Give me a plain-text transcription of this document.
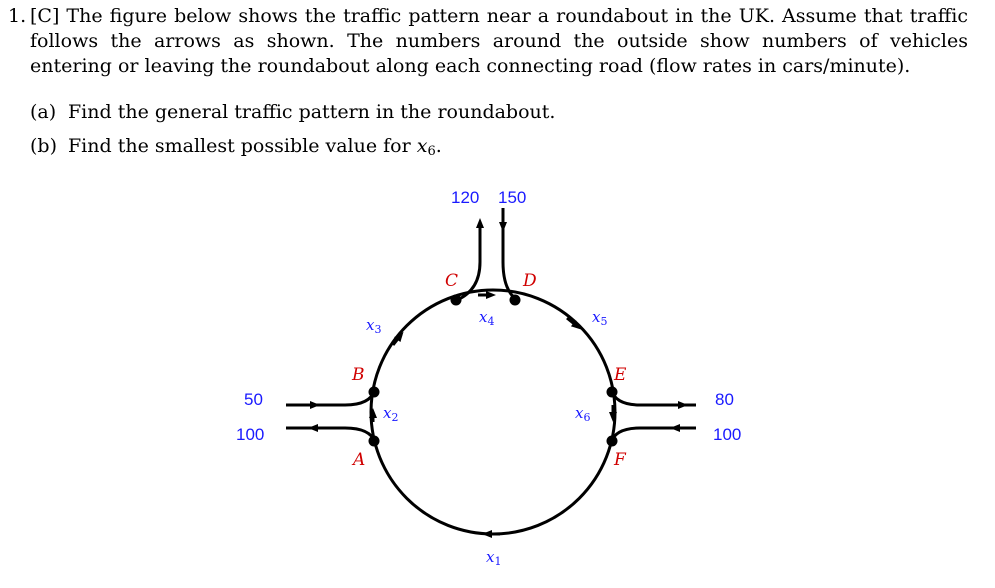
1. [C] The figure below shows the traffic pattern near a roundabout in the UK. Assume that traffic follows the arrows as shown. The numbers around the outside show numbers of vehicles entering or leaving the roundabout along each connecting road (flow rates in cars/minute).
(a) Find the general traffic pattern in the roundabout.
(b) Find the smallest possible value for $x_6$.
C	D
B
A
E
F
120 150
50
100
80
100
$x_1$
$x_2$
$x_3$
$x_4$	$x_5$
$x_6$
